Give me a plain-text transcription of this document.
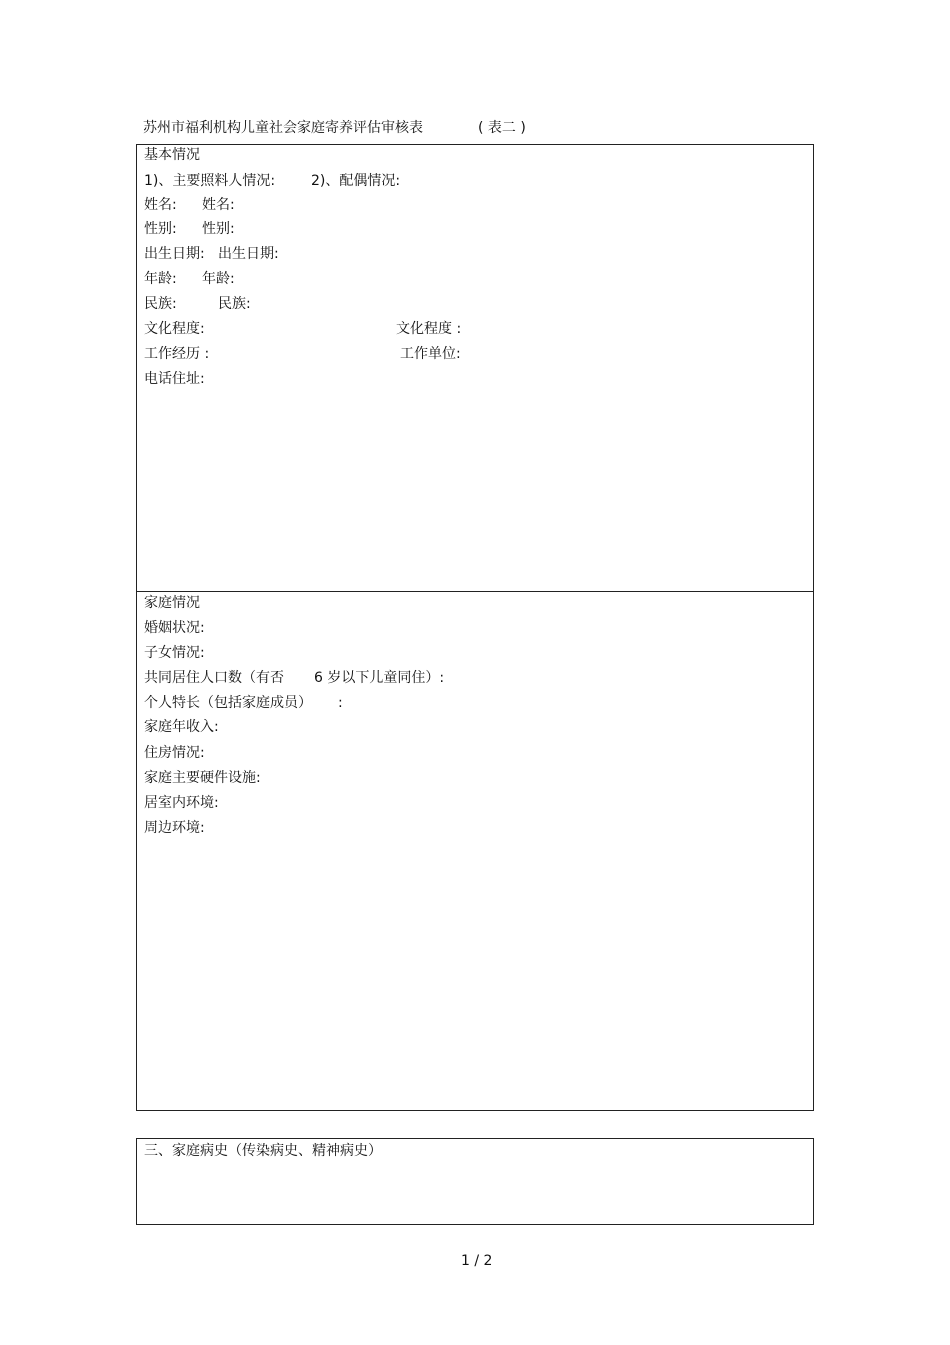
苏州市福利机构儿童社会家庭寄养评估审核表	( 表二 )
基本情况
1)、主要照料人情况:	2)、配偶情况:
姓名: 姓名:
性别: 性别:
出生日期: 出生日期:
年龄: 年龄:
民族:	民族:
文化程度:	文化程度 :
工作经历 :	工作单位:
电话住址:
家庭情况
婚姻状况:
子女情况:
共同居住人口数（有否 6 岁以下儿童同住）:
个人特长（包括家庭成员） :
家庭年收入:
住房情况:
家庭主要硬件设施:
居室内环境:
周边环境:
三、家庭病史（传染病史、精神病史）
1 / 2
